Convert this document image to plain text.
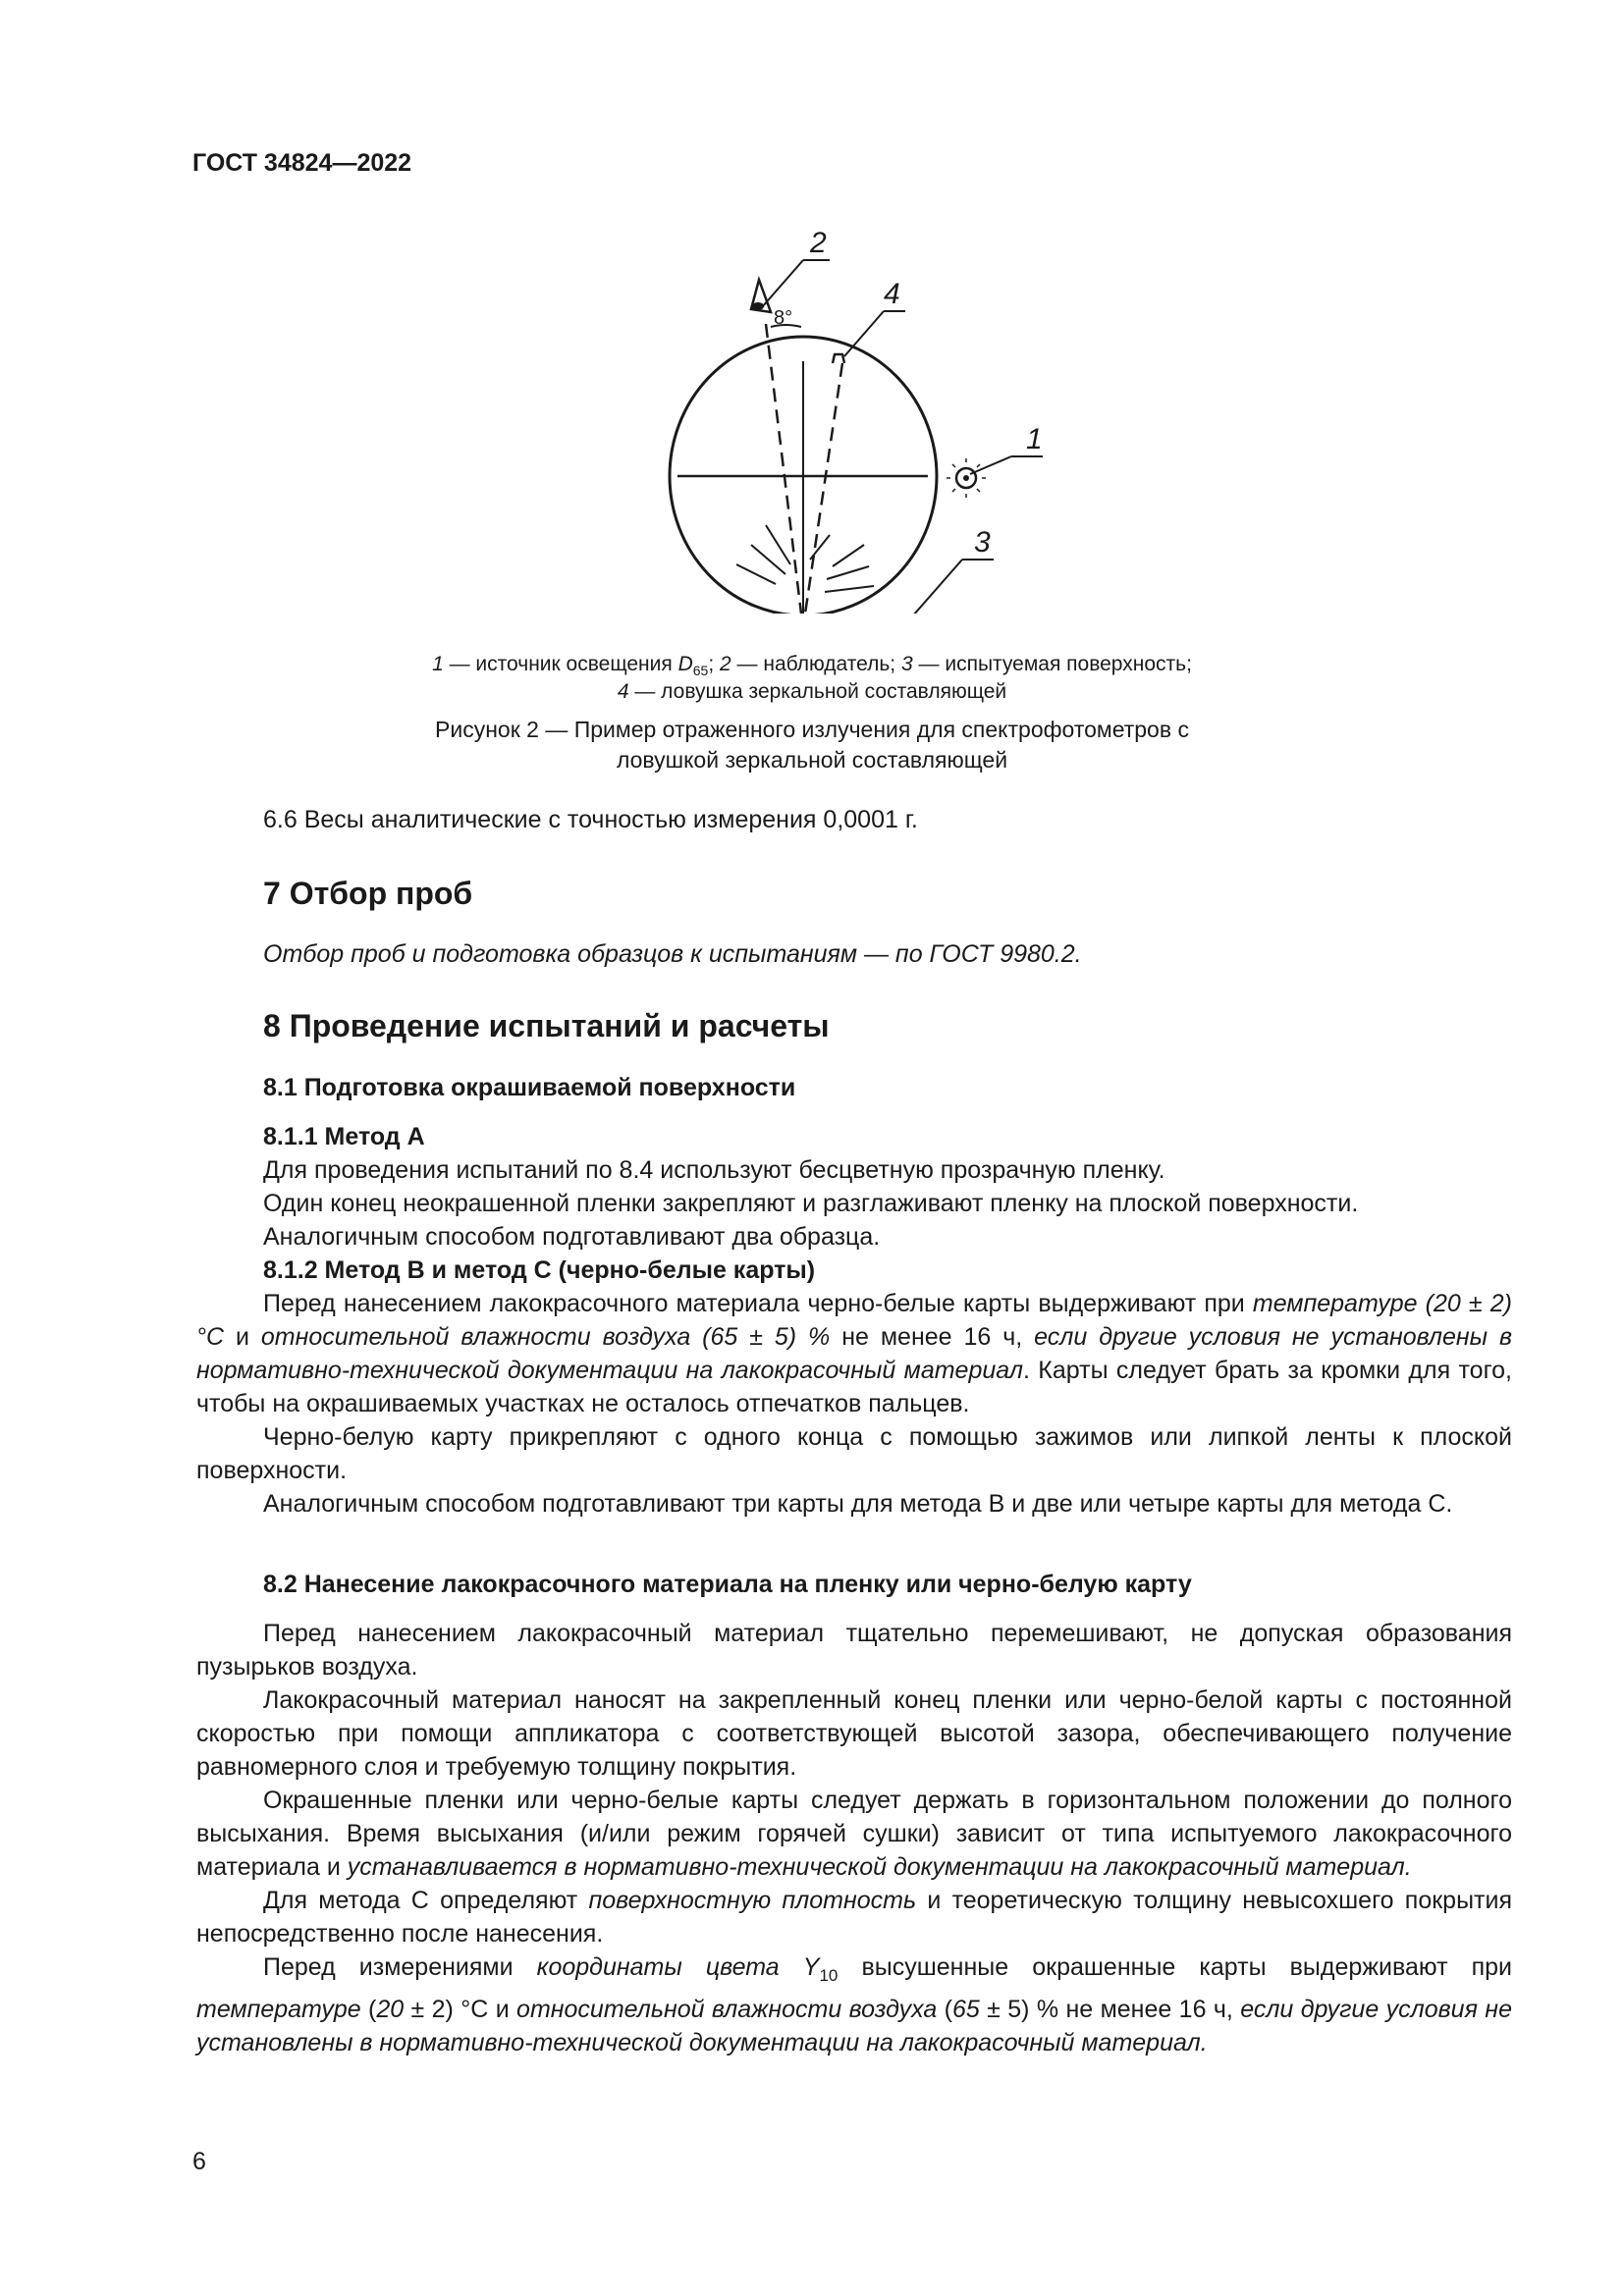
ГОСТ 34824—2022
2
4
1
3
8°
1 — источник освещения $D_{65}$; 2 — наблюдатель; 3 — испытуемая поверхность;
4 — ловушка зеркальной составляющей
Рисунок 2 — Пример отраженного излучения для спектрофотометров с
ловушкой зеркальной составляющей
6.6 Весы аналитические с точностью измерения 0,0001 г.
7 Отбор проб
Отбор проб и подготовка образцов к испытаниям — по ГОСТ 9980.2.
8 Проведение испытаний и расчеты
8.1 Подготовка окрашиваемой поверхности
8.1.1 Метод А

Для проведения испытаний по 8.4 используют бесцветную прозрачную пленку.

Один конец неокрашенной пленки закрепляют и разглаживают пленку на плоской поверхности.

Аналогичным способом подготавливают два образца.

8.1.2 Метод В и метод С (черно-белые карты)

Перед нанесением лакокрасочного материала черно-белые карты выдерживают при температуре (20 ± 2) °С и относительной влажности воздуха (65 ± 5) % не менее 16 ч, если другие условия не установлены в нормативно-технической документации на лакокрасочный материал. Карты следует брать за кромки для того, чтобы на окрашиваемых участках не осталось отпечатков пальцев.

Черно-белую карту прикрепляют с одного конца с помощью зажимов или липкой ленты к плоской поверхности.

Аналогичным способом подготавливают три карты для метода В и две или четыре карты для метода С.

8.2 Нанесение лакокрасочного материала на пленку или черно-белую карту

Перед нанесением лакокрасочный материал тщательно перемешивают, не допуская образования пузырьков воздуха.

Лакокрасочный материал наносят на закрепленный конец пленки или черно-белой карты с постоянной скоростью при помощи аппликатора с соответствующей высотой зазора, обеспечивающего получение равномерного слоя и требуемую толщину покрытия.

Окрашенные пленки или черно-белые карты следует держать в горизонтальном положении до полного высыхания. Время высыхания (и/или режим горячей сушки) зависит от типа испытуемого лакокрасочного материала и устанавливается в нормативно-технической документации на лакокрасочный материал.

Для метода С определяют поверхностную плотность и теоретическую толщину невысохшего покрытия непосредственно после нанесения.

Перед измерениями координаты цвета $Y_{10}$ высушенные окрашенные карты выдерживают при температуре (20 ± 2) °С и относительной влажности воздуха (65 ± 5) % не менее 16 ч, если другие условия не установлены в нормативно-технической документации на лакокрасочный материал.

6
